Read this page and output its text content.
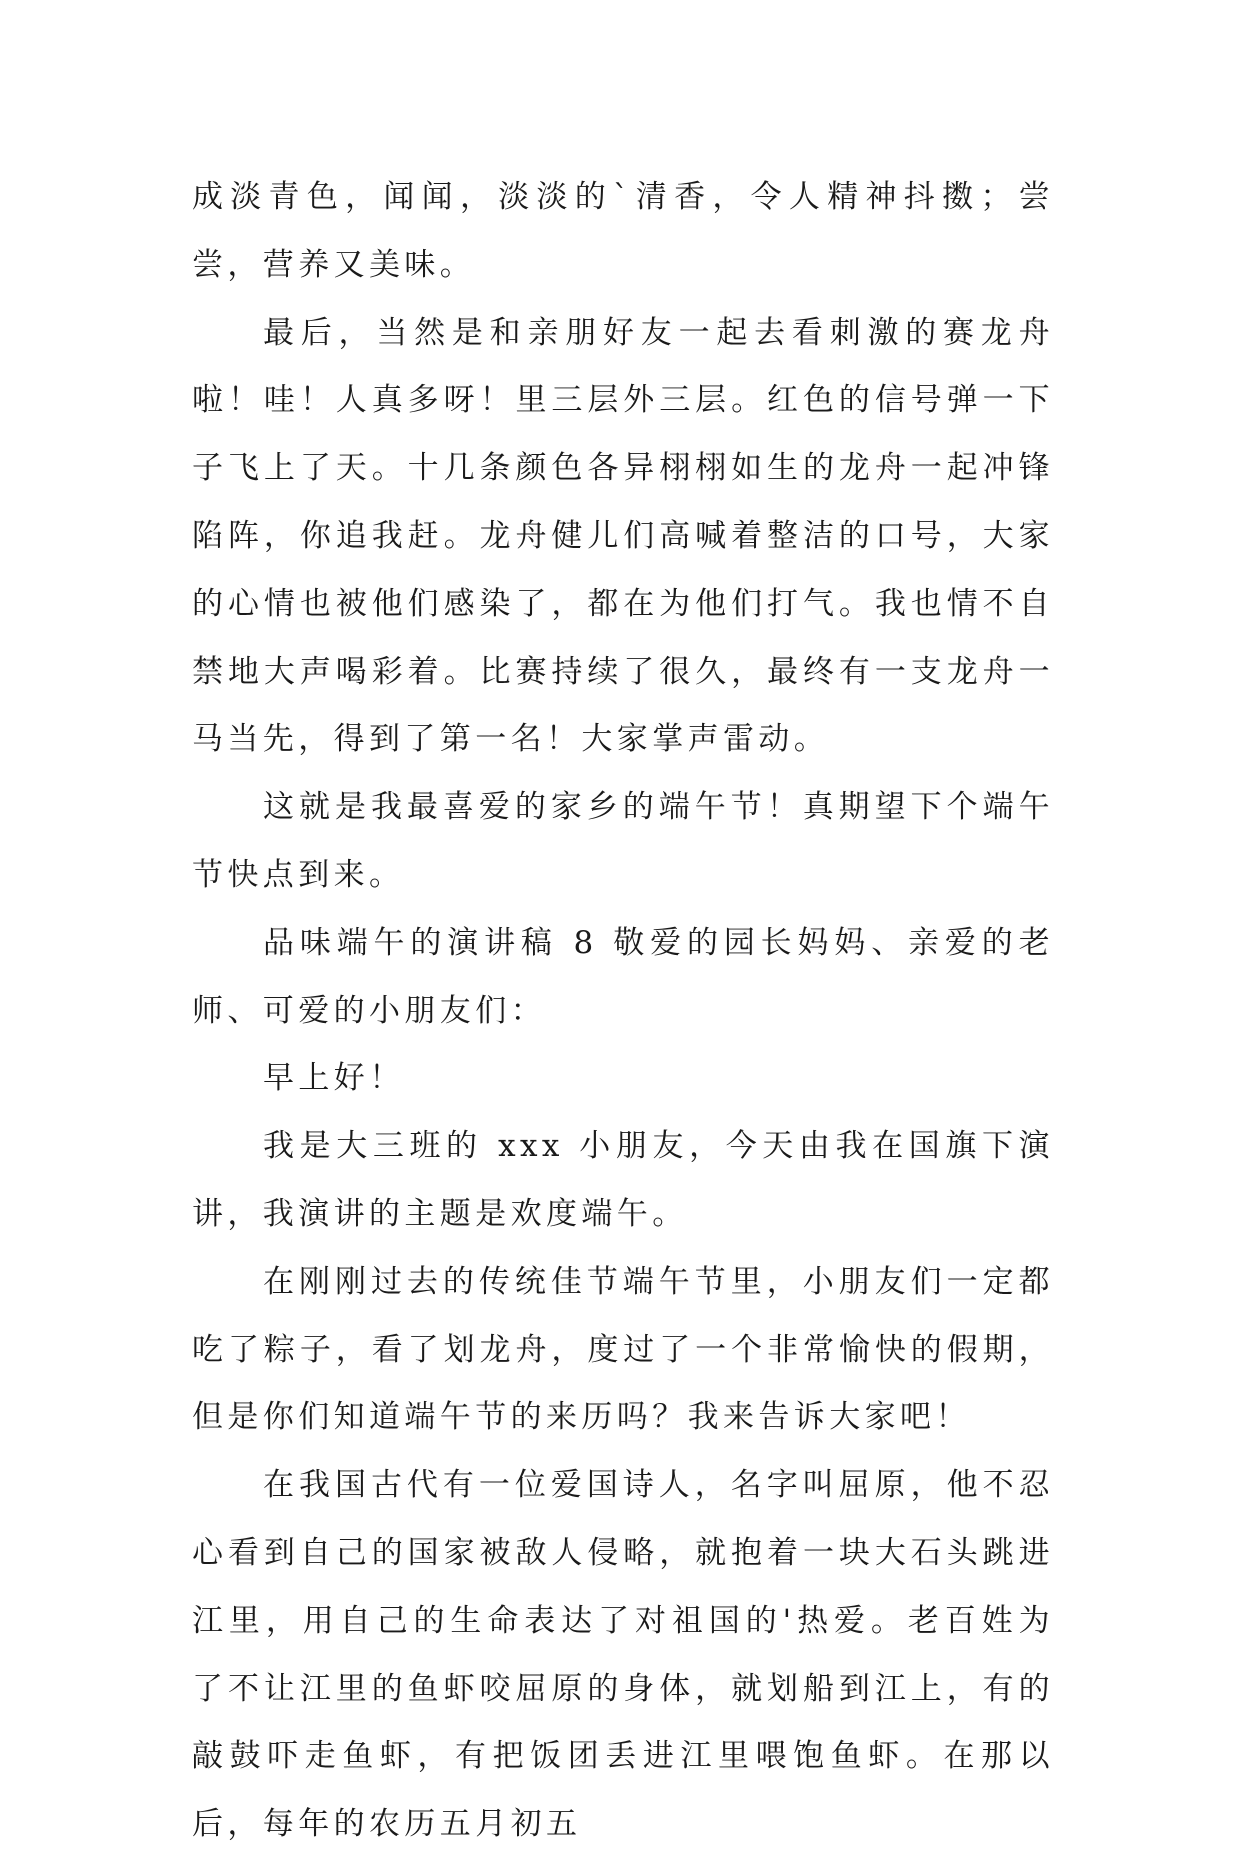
成淡青色，闻闻，淡淡的`清香，令人精神抖擞；尝尝，营养又美味。

最后，当然是和亲朋好友一起去看刺激的赛龙舟啦！哇！人真多呀！里三层外三层。红色的信号弹一下子飞上了天。十几条颜色各异栩栩如生的龙舟一起冲锋陷阵，你追我赶。龙舟健儿们高喊着整洁的口号，大家的心情也被他们感染了，都在为他们打气。我也情不自禁地大声喝彩着。比赛持续了很久，最终有一支龙舟一马当先，得到了第一名！大家掌声雷动。

这就是我最喜爱的家乡的端午节！真期望下个端午节快点到来。

品味端午的演讲稿 8 敬爱的园长妈妈、亲爱的老师、可爱的小朋友们：

早上好！

我是大三班的 xxx 小朋友，今天由我在国旗下演讲，我演讲的主题是欢度端午。

在刚刚过去的传统佳节端午节里，小朋友们一定都吃了粽子，看了划龙舟，度过了一个非常愉快的假期，但是你们知道端午节的来历吗？我来告诉大家吧！

在我国古代有一位爱国诗人，名字叫屈原，他不忍心看到自己的国家被敌人侵略，就抱着一块大石头跳进江里，用自己的生命表达了对祖国的'热爱。老百姓为了不让江里的鱼虾咬屈原的身体，就划船到江上，有的敲鼓吓走鱼虾，有把饭团丢进江里喂饱鱼虾。在那以后，每年的农历五月初五
